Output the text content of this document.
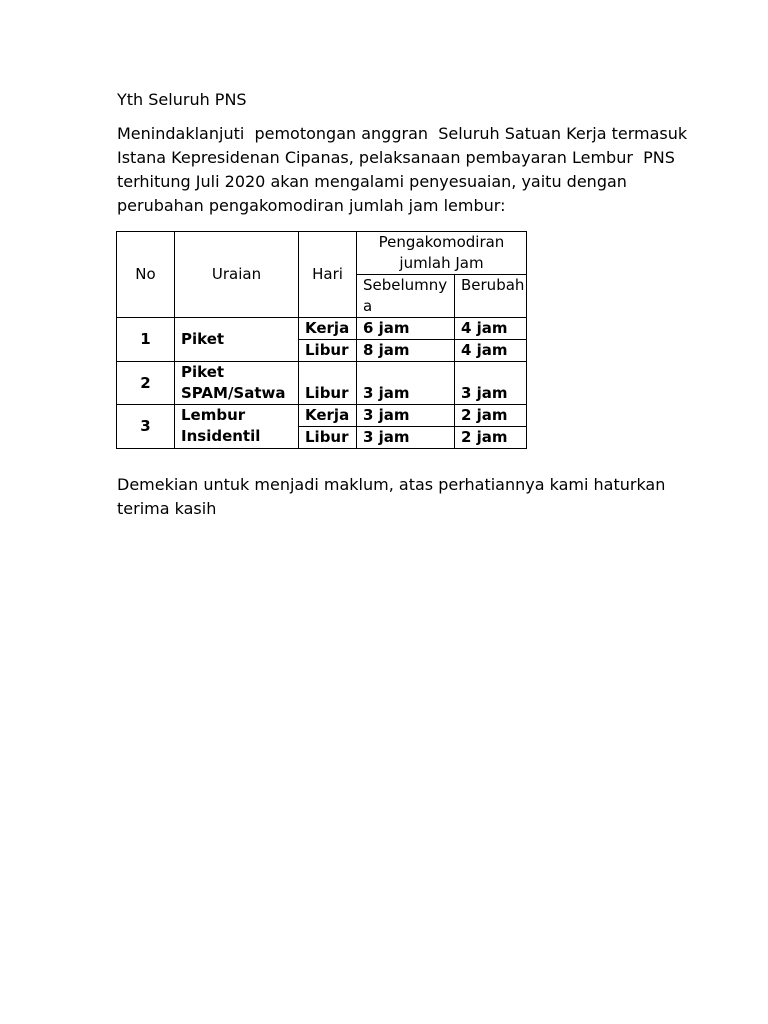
Yth Seluruh PNS
Menindaklanjuti  pemotongan anggran  Seluruh Satuan Kerja termasuk
Istana Kepresidenan Cipanas, pelaksanaan pembayaran Lembur  PNS
terhitung Juli 2020 akan mengalami penyesuaian, yaitu dengan
perubahan pengakomodiran jumlah jam lembur:
No	Uraian	Hari	Pengakomodiran jumlah Jam	
			Sebelumnya	Berubah
1	Piket	Kerja	6 jam	4 jam
		Libur	8 jam	4 jam
2	Piket SPAM/Satwa	Libur	3 jam	3 jam
3	Lembur Insidentil	Kerja	3 jam	2 jam
		Libur	3 jam	2 jam
Demekian untuk menjadi maklum, atas perhatiannya kami haturkan
terima kasih
